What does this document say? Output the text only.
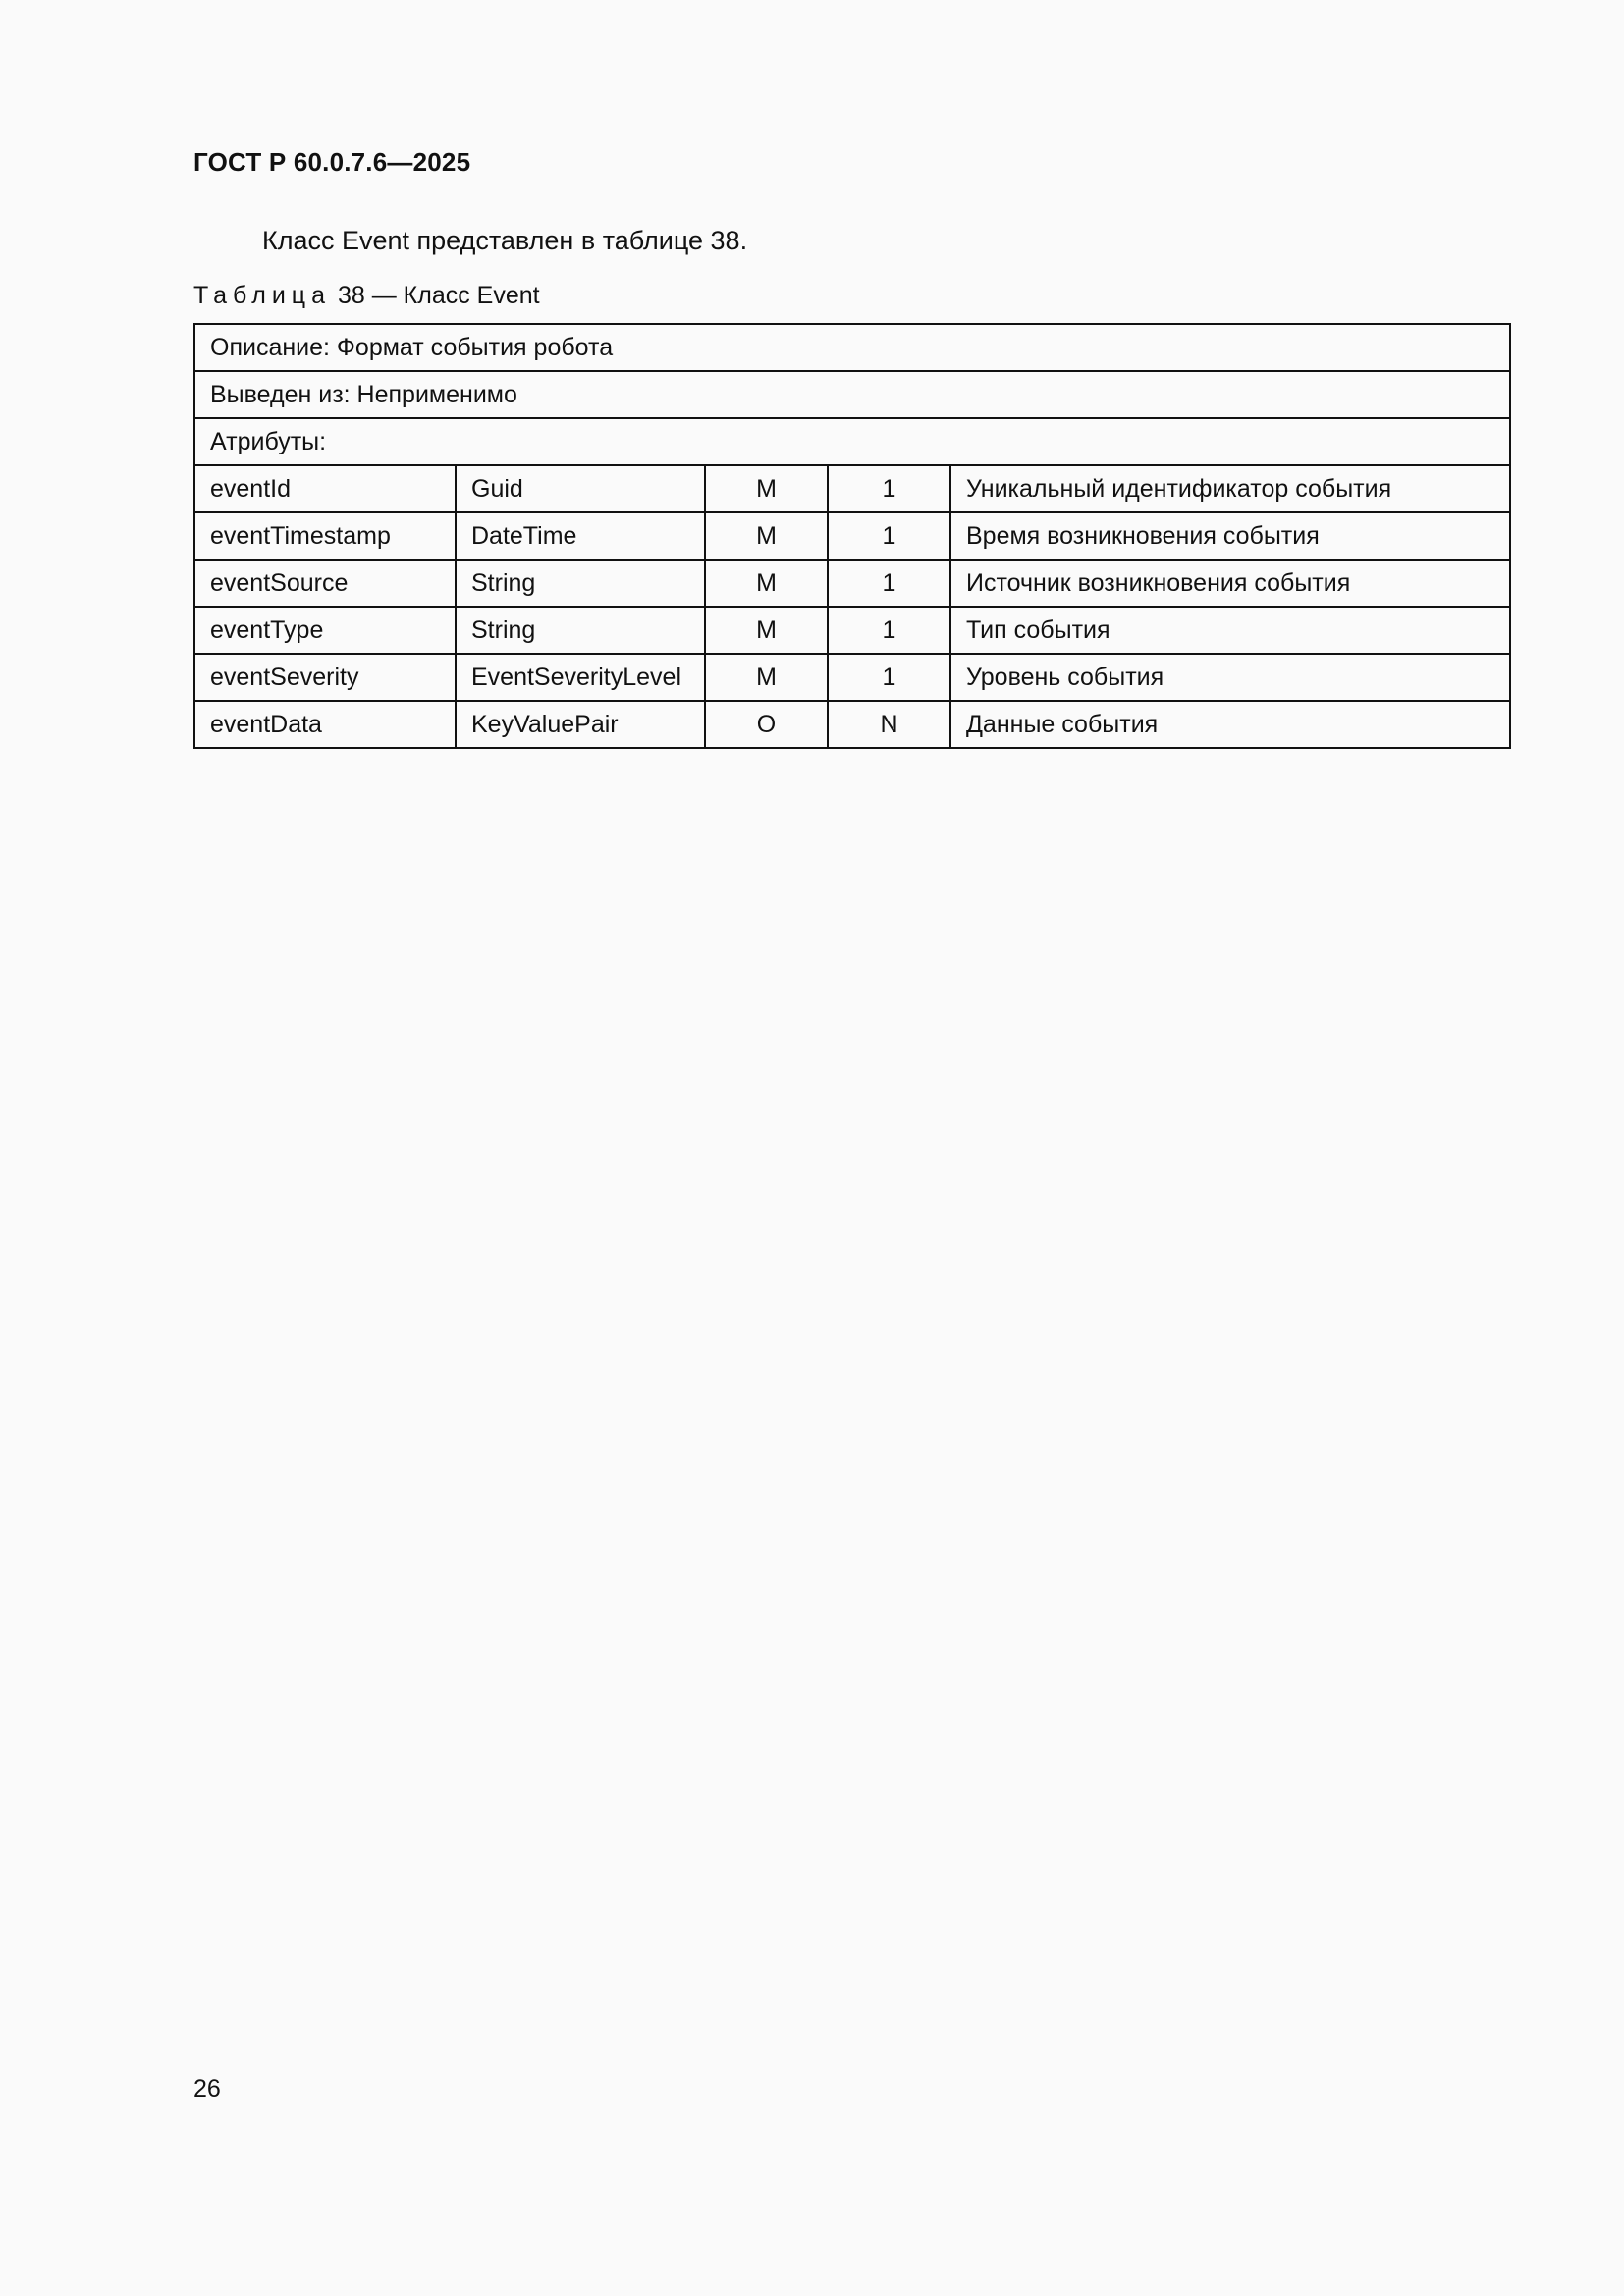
ГОСТ Р 60.0.7.6—2025
Класс Event представлен в таблице 38.
Таблица 38 — Класс Event
Описание: Формат события робота				
Выведен из: Неприменимо				
Атрибуты:				
eventId	Guid	M	1	Уникальный идентификатор события
eventTimestamp	DateTime	M	1	Время возникновения события
eventSource	String	M	1	Источник возникновения события
eventType	String	M	1	Тип события
eventSeverity	EventSeverityLevel	M	1	Уровень события
eventData	KeyValuePair	O	N	Данные события
26
